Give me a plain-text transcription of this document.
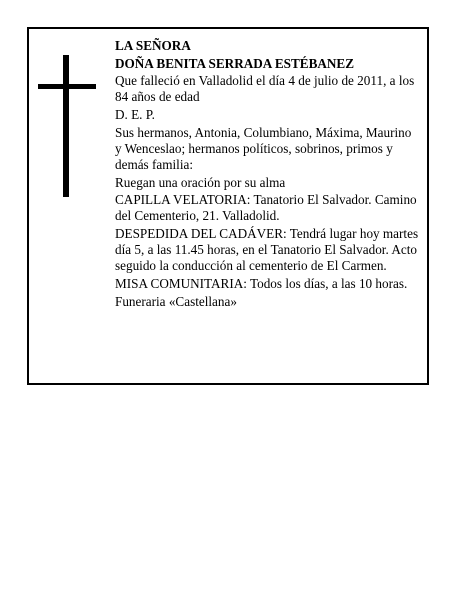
LA SEÑORA

DOÑA BENITA SERRADA ESTÉBANEZ

Que falleció en Valladolid el día 4 de julio de 2011, a los 84 años de edad

D. E. P.

Sus hermanos, Antonia, Columbiano, Máxima, Maurino y Wenceslao; hermanos políticos, sobrinos, primos y demás familia:

Ruegan una oración por su alma

CAPILLA VELATORIA: Tanatorio El Salvador. Camino del Cementerio, 21. Valladolid.

DESPEDIDA DEL CADÁVER: Tendrá lugar hoy martes día 5, a las 11.45 horas, en el Tanatorio El Salvador. Acto seguido la conducción al cementerio de El Carmen.

MISA COMUNITARIA: Todos los días, a las 10 horas.

Funeraria «Castellana»
